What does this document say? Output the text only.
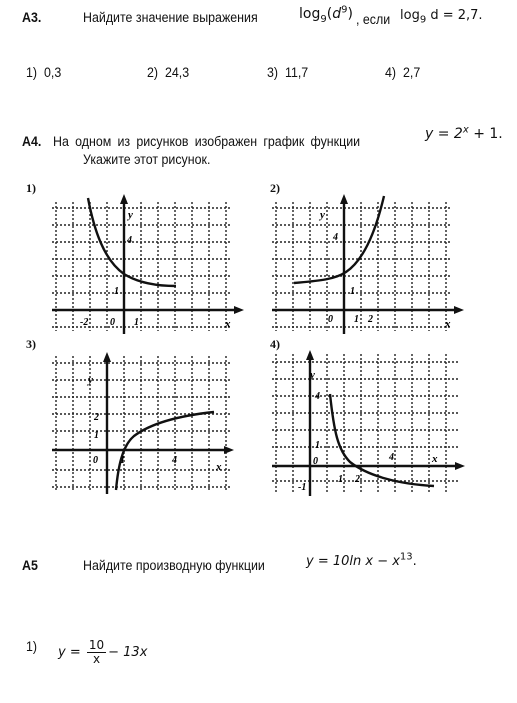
A3.	Найдите значение выражения	$\log_9(d^9)$ , если $\log_9 d = 2,7$.
1) 0,3	2) 24,3	3) 11,7	4) 2,7
A4. На одном из рисунков изображен график функции	$y = 2^x + 1$.
Укажите этот рисунок.
1)	2)
3)	4)
y
x
4
1
-2 0 1
y
x
4
1
0 1 2
y
x
2
1
0 1	4
y
x
4
1
0
1 2
4
-1
A5	Найдите производную функции	y = 10ln $x - x^{13}$.
1) $y = \frac{10}{x} - 13x$
